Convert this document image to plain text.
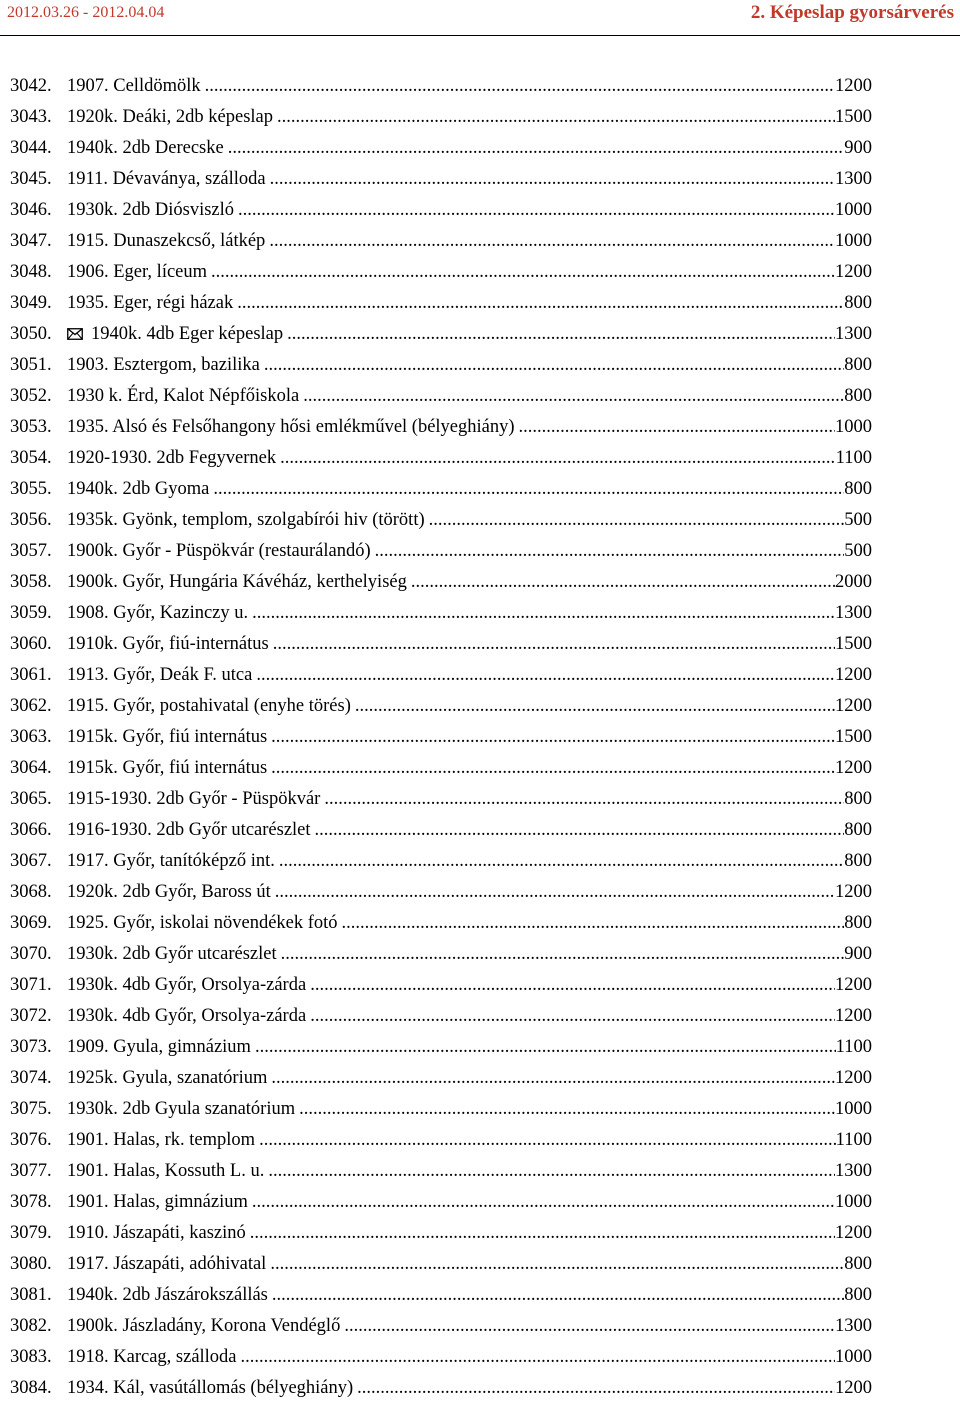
2012.03.26 - 2012.04.04	2. Képeslap gyorsárverés
3042. 1907. Celldömölk .....	1200
3043. 1920k. Deáki, 2db képeslap .....	1500
3044. 1940k. 2db Derecske .....	900
3045. 1911. Dévaványa, szálloda .....	1300
3046. 1930k. 2db Diósviszló .....	1000
3047. 1915. Dunaszekcső, látkép .....	1000
3048. 1906. Eger, líceum .....	1200
3049. 1935. Eger, régi házak .....	800
3050.	1940k. 4db Eger képeslap .....	1300
3051. 1903. Esztergom, bazilika .....	800
3052. 1930 k. Érd, Kalot Népfőiskola .....	800
3053. 1935. Alsó és Felsőhangony hősi emlékművel (bélyeghiány) .....	1000
3054. 1920-1930. 2db Fegyvernek .....	1100
3055. 1940k. 2db Gyoma .....	800
3056. 1935k. Gyönk, templom, szolgabírói hiv (törött) .....	500
3057. 1900k. Győr - Püspökvár (restaurálandó) .....	500
3058. 1900k. Győr, Hungária Kávéház, kerthelyiség .....	2000
3059. 1908. Győr, Kazinczy u. .....	1300
3060. 1910k. Győr, fiú-internátus .....	1500
3061. 1913. Győr, Deák F. utca .....	1200
3062. 1915. Győr, postahivatal (enyhe törés) .....	1200
3063. 1915k. Győr, fiú internátus .....	1500
3064. 1915k. Győr, fiú internátus .....	1200
3065. 1915-1930. 2db Győr - Püspökvár .....	800
3066. 1916-1930. 2db Győr utcarészlet .....	800
3067. 1917. Győr, tanítóképző int. .....	800
3068. 1920k. 2db Győr, Baross út .....	1200
3069. 1925. Győr, iskolai növendékek fotó .....	800
3070. 1930k. 2db Győr utcarészlet .....	900
3071. 1930k. 4db Győr, Orsolya-zárda .....	1200
3072. 1930k. 4db Győr, Orsolya-zárda .....	1200
3073. 1909. Gyula, gimnázium .....	1100
3074. 1925k. Gyula, szanatórium .....	1200
3075. 1930k. 2db Gyula szanatórium .....	1000
3076. 1901. Halas, rk. templom .....	1100
3077. 1901. Halas, Kossuth L. u. .....	1300
3078. 1901. Halas, gimnázium .....	1000
3079. 1910. Jászapáti, kaszinó .....	1200
3080. 1917. Jászapáti, adóhivatal .....	800
3081. 1940k. 2db Jászárokszállás .....	800
3082. 1900k. Jászladány, Korona Vendéglő .....	1300
3083. 1918. Karcag, szálloda .....	1000
3084. 1934. Kál, vasútállomás (bélyeghiány) .....	1200
